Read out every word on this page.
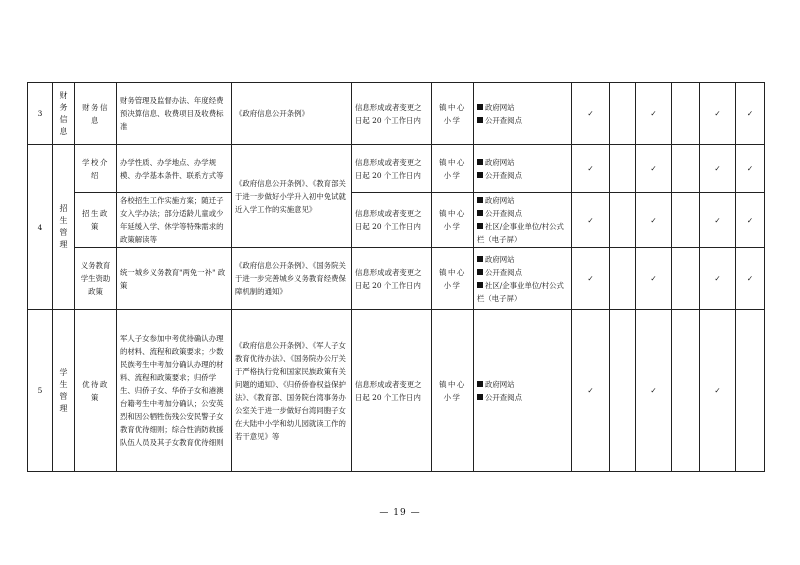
3	财务信息	财务信息	财务管理及监督办法、年度经费预决算信息、收费项目及收费标准	《政府信息公开条例》	信息形成或者变更之日起 20 个工作日内	镇中心小学	政府网站
公开查阅点	✓		✓		✓	✓
4	招生管理	学校介绍	办学性质、办学地点、办学规模、办学基本条件、联系方式等	《政府信息公开条例》、《教育部关于进一步做好小学升入初中免试就近入学工作的实施意见》	信息形成或者变更之日起 20 个工作日内	镇中心小学	政府网站
公开查阅点	✓		✓		✓	✓
		招生政策	各校招生工作实施方案；随迁子女入学办法；部分适龄儿童或少年延缓入学、休学等特殊需求的政策解读等		信息形成或者变更之日起 20 个工作日内	镇中心小学	政府网站
公开查阅点
社区/企事业单位/村公式栏（电子屏）	✓		✓		✓	✓
		义务教育学生资助政策	统一城乡义务教育"两免一补" 政策	《政府信息公开条例》、《国务院关于进一步完善城乡义务教育经费保障机制的通知》	信息形成或者变更之日起 20 个工作日内	镇中心小学	政府网站
公开查阅点
社区/企事业单位/村公式栏（电子屏）	✓		✓		✓	✓
5	学生管理	优待政策	军人子女参加中考优待确认办理的材料、流程和政策要求；少数民族考生中考加分确认办理的材料、流程和政策要求；归侨学生、归侨子女、华侨子女和港澳台籍考生中考加分确认；公安英烈和因公牺牲伤残公安民警子女教育优待细则；综合性消防救援队伍人员及其子女教育优待细则	《政府信息公开条例》、《军人子女教育优待办法》、《国务院办公厅关于严格执行党和国家民族政策有关问题的通知》、《归侨侨眷权益保护法》、《教育部、国务院台湾事务办公室关于进一步做好台湾同胞子女在大陆中小学和幼儿园就读工作的若干意见》等	信息形成或者变更之日起 20 个工作日内	镇中心小学	政府网站
公开查阅点	✓		✓		✓	
— 19 —
